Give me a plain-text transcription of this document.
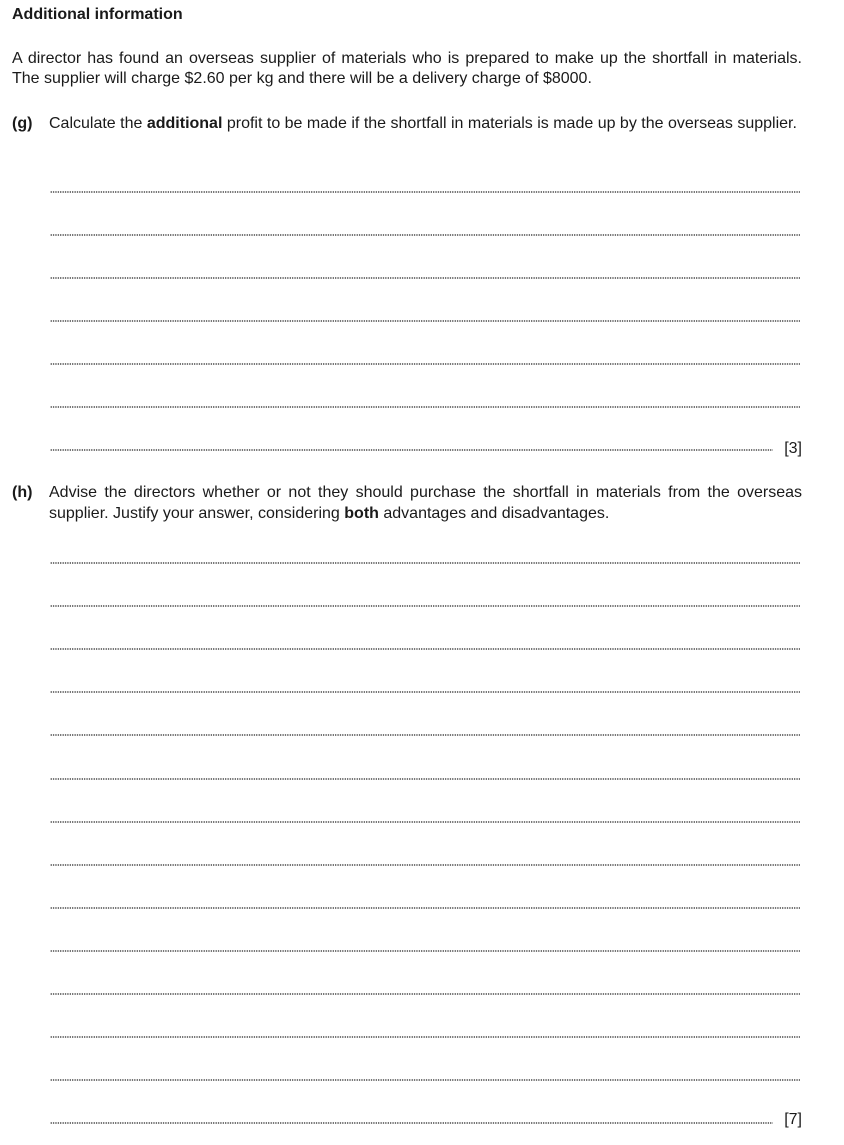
Additional information
A director has found an overseas supplier of materials who is prepared to make up the shortfall in materials. The supplier will charge $2.60 per kg and there will be a delivery charge of $8000.
(g)	Calculate the additional profit to be made if the shortfall in materials is made up by the overseas supplier.
[3]
(h)	Advise the directors whether or not they should purchase the shortfall in materials from the overseas supplier. Justify your answer, considering both advantages and disadvantages.
[7]
